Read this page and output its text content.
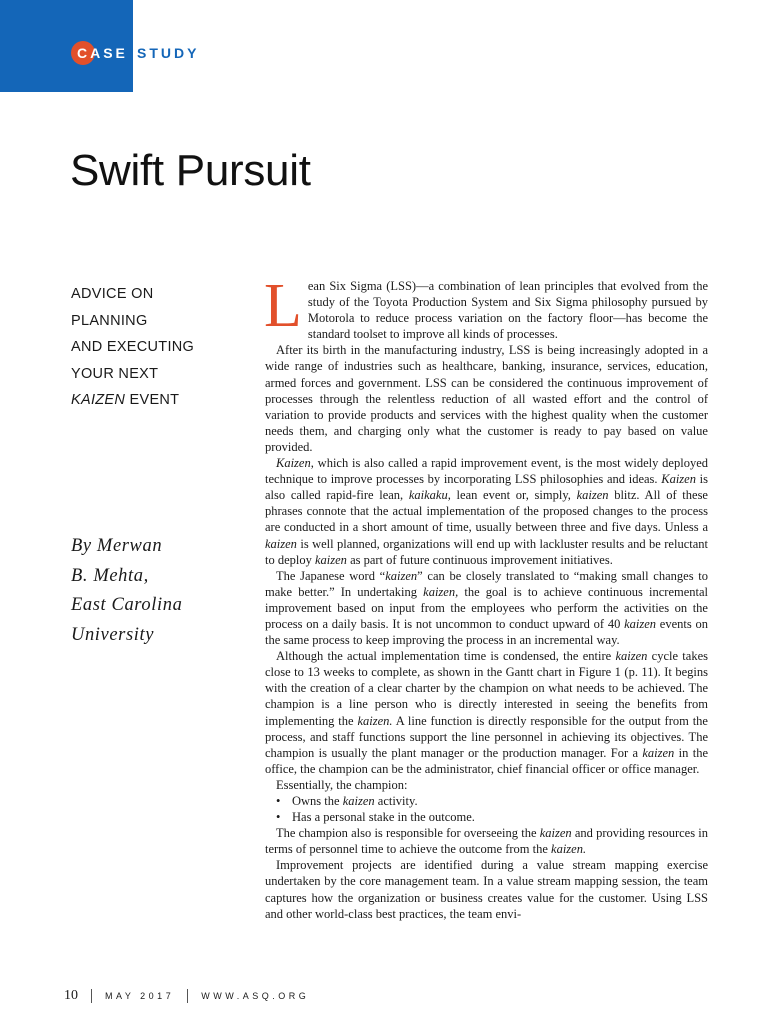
CASE STUDY
Swift Pursuit
ADVICE ON
PLANNING
AND EXECUTING
YOUR NEXT
KAIZEN EVENT
By Merwan
B. Mehta,
East Carolina
University

Lean Six Sigma (LSS)—a combination of lean principles that evolved from the study of the Toyota Production System and Six Sigma philosophy pursued by Motorola to reduce process variation on the factory floor—has become the standard toolset to improve all kinds of processes.

After its birth in the manufacturing industry, LSS is being increasingly adopted in a wide range of industries such as healthcare, banking, insurance, services, education, armed forces and government. LSS can be considered the continuous improvement of processes through the relentless reduction of all wasted effort and the control of variation to provide products and services with the highest quality when the customer needs them, and charging only what the customer is ready to pay based on value provided.

Kaizen, which is also called a rapid improvement event, is the most widely deployed technique to improve processes by incorporating LSS philosophies and ideas. Kaizen is also called rapid-fire lean, kaikaku, lean event or, simply, kaizen blitz. All of these phrases connote that the actual implementation of the proposed changes to the process are conducted in a short amount of time, usually between three and five days. Unless a kaizen is well planned, organizations will end up with lackluster results and be reluctant to deploy kaizen as part of future continuous improvement initiatives.

The Japanese word “kaizen” can be closely translated to “making small changes to make better.” In undertaking kaizen, the goal is to achieve continuous incremental improvement based on input from the employees who perform the activities on the process on a daily basis. It is not uncommon to conduct upward of 40 kaizen events on the same process to keep improving the process in an incremental way.

Although the actual implementation time is condensed, the entire kaizen cycle takes close to 13 weeks to complete, as shown in the Gantt chart in Figure 1 (p. 11). It begins with the creation of a clear charter by the champion on what needs to be achieved. The champion is a line person who is directly interested in seeing the benefits from implementing the kaizen. A line function is directly responsible for the output from the process, and staff functions support the line personnel in achieving its objectives. The champion is usually the plant manager or the production manager. For a kaizen in the office, the champion can be the administrator, chief financial officer or office manager.

Essentially, the champion:

• Owns the kaizen activity.
• Has a personal stake in the outcome.

The champion also is responsible for overseeing the kaizen and providing resources in terms of personnel time to achieve the outcome from the kaizen.

Improvement projects are identified during a value stream mapping exercise undertaken by the core management team. In a value stream mapping session, the team captures how the organization or business creates value for the customer. Using LSS and other world-class best practices, the team envi-

10	MAY 2017	WWW.ASQ.ORG
